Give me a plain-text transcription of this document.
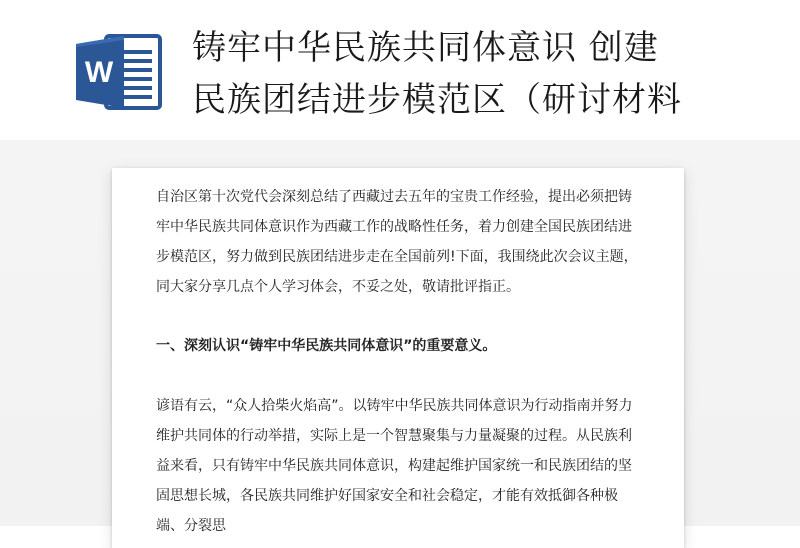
W
铸牢中华民族共同体意识 创建
民族团结进步模范区（研讨材料

自治区第十次党代会深刻总结了西藏过去五年的宝贵工作经验，提出必须把铸牢中华民族共同体意识作为西藏工作的战略性任务，着力创建全国民族团结进步模范区，努力做到民族团结进步走在全国前列!下面，我围绕此次会议主题，同大家分享几点个人学习体会，不妥之处，敬请批评指正。

一、深刻认识“铸牢中华民族共同体意识”的重要意义。

谚语有云，“众人拾柴火焰高”。以铸牢中华民族共同体意识为行动指南并努力维护共同体的行动举措，实际上是一个智慧聚集与力量凝聚的过程。从民族利益来看，只有铸牢中华民族共同体意识，构建起维护国家统一和民族团结的坚固思想长城，各民族共同维护好国家安全和社会稳定，才能有效抵御各种极端、分裂思
